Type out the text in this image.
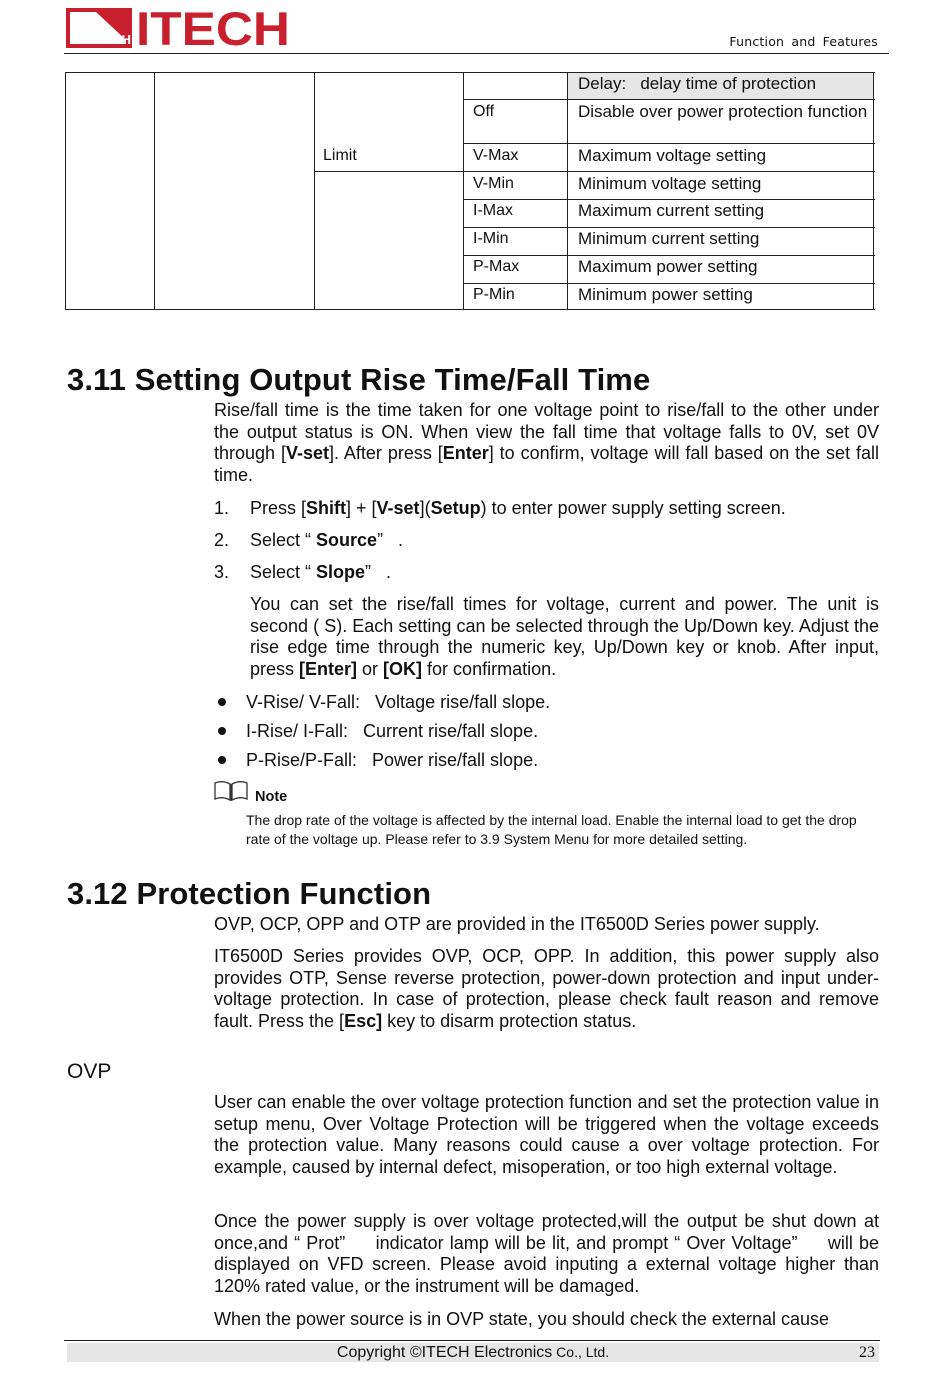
ITECH ITECH	Function and Features
Delay:   delay time of protection
Off	Disable over power protection function
Limit	V-Max	Maximum voltage setting
V-Min	Minimum voltage setting
I-Max	Maximum current setting
I-Min	Minimum current setting
P-Max	Maximum power setting
P-Min	Minimum power setting
3.11 Setting Output Rise Time/Fall Time
Rise/fall time is the time taken for one voltage point to rise/fall to the other under the output status is ON. When view the fall time that voltage falls to 0V, set 0V through [V-set]. After press [Enter] to confirm, voltage will fall based on the set fall time.
1. Press [Shift] + [V-set](Setup) to enter power supply setting screen.
2. Select “ Source”   .
3. Select “ Slope”   .
You can set the rise/fall times for voltage, current and power. The unit is second ( S). Each setting can be selected through the Up/Down key. Adjust the rise edge time through the numeric key, Up/Down key or knob. After input, press [Enter] or [OK] for confirmation.
V-Rise/ V-Fall:   Voltage rise/fall slope.
I-Rise/ I-Fall:   Current rise/fall slope.
P-Rise/P-Fall:   Power rise/fall slope.
Note
The drop rate of the voltage is affected by the internal load. Enable the internal load to get the drop rate of the voltage up. Please refer to 3.9 System Menu for more detailed setting.
3.12 Protection Function
OVP, OCP, OPP and OTP are provided in the IT6500D Series power supply.
IT6500D Series provides OVP, OCP, OPP. In addition, this power supply also provides OTP, Sense reverse protection, power-down protection and input under-voltage protection. In case of protection, please check fault reason and remove fault. Press the [Esc] key to disarm protection status.
OVP
User can enable the over voltage protection function and set the protection value in setup menu, Over Voltage Protection will be triggered when the voltage exceeds the protection value. Many reasons could cause a over voltage protection. For example, caused by internal defect, misoperation, or too high external voltage.
Once the power supply is over voltage protected,will the output be shut down at once,and “ Prot”     indicator lamp will be lit, and prompt “ Over Voltage”     will be displayed on VFD screen. Please avoid inputing a external voltage higher than 120% rated value, or the instrument will be damaged.
When the power source is in OVP state, you should check the external cause
Copyright ©ITECH Electronics Co., Ltd.	23
